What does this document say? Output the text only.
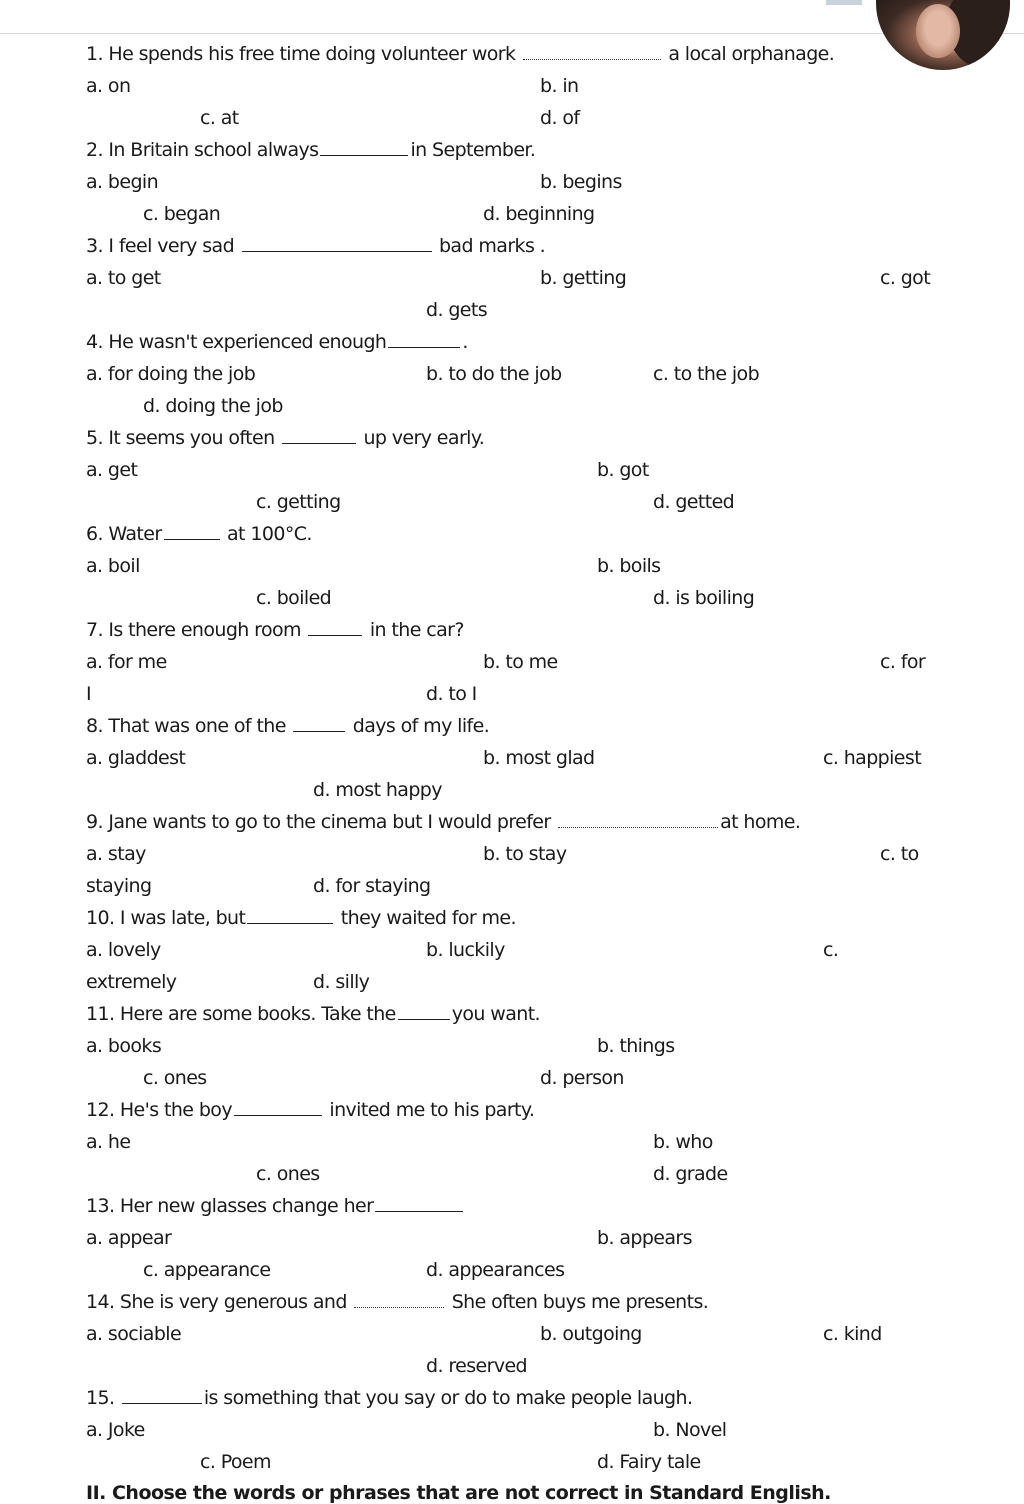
1. He spends his free time doing volunteer work	a local orphanage.
a. on	b. in
c. at	d. of
2. In Britain school always	in September.
a. begin	b. begins
c. began	d. beginning
3. I feel very sad	bad marks .
a. to get	b. getting	c. got
d. gets
4. He wasn't experienced enough	.
a. for doing the job	b. to do the job	c. to the job
d. doing the job
5. It seems you often	up very early.
a. get	b. got
c. getting	d. getted
6. Water	at 100°C.
a. boil	b. boils
c. boiled	d. is boiling
7. Is there enough room	in the car?
a. for me	b. to me	c. for
I	d. to I
8. That was one of the	days of my life.
a. gladdest	b. most glad	c. happiest
d. most happy
9. Jane wants to go to the cinema but I would prefer	at home.
a. stay	b. to stay	c. to
staying	d. for staying
10. I was late, but	they waited for me.
a. lovely	b. luckily	c.
extremely	d. silly
11. Here are some books. Take the	you want.
a. books	b. things
c. ones	d. person
12. He's the boy	invited me to his party.
a. he	b. who
c. ones	d. grade
13. Her new glasses change her
a. appear	b. appears
c. appearance	d. appearances
14. She is very generous and	She often buys me presents.
a. sociable	b. outgoing	c. kind
d. reserved
15.	is something that you say or do to make people laugh.
a. Joke	b. Novel
c. Poem	d. Fairy tale
II. Choose the words or phrases that are not correct in Standard English.
